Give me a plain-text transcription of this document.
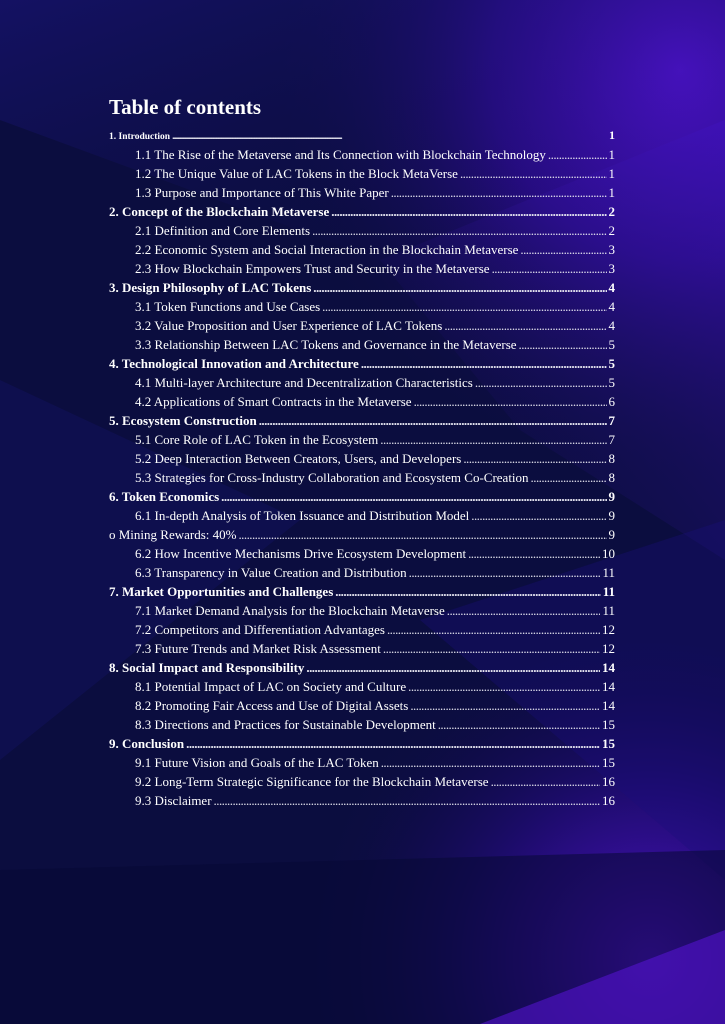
Table of contents
1. Introduction . . .	1
1.1 The Rise of the Metaverse and Its Connection with Blockchain Technology . . .	1
1.2 The Unique Value of LAC Tokens in the Block MetaVerse . . .	1
1.3 Purpose and Importance of This White Paper . . .	1
2. Concept of the Blockchain Metaverse . . .	2
2.1 Definition and Core Elements . . .	2
2.2 Economic System and Social Interaction in the Blockchain Metaverse . . .	3
2.3 How Blockchain Empowers Trust and Security in the Metaverse . . .	3
3. Design Philosophy of LAC Tokens . . .	4
3.1 Token Functions and Use Cases . . .	4
3.2 Value Proposition and User Experience of LAC Tokens . . .	4
3.3 Relationship Between LAC Tokens and Governance in the Metaverse . . .	5
4. Technological Innovation and Architecture . . .	5
4.1 Multi-layer Architecture and Decentralization Characteristics . . .	5
4.2 Applications of Smart Contracts in the Metaverse . . .	6
5. Ecosystem Construction . . .	7
5.1 Core Role of LAC Token in the Ecosystem . . .	7
5.2 Deep Interaction Between Creators, Users, and Developers . . .	8
5.3 Strategies for Cross-Industry Collaboration and Ecosystem Co-Creation . . .	8
6. Token Economics . . .	9
6.1 In-depth Analysis of Token Issuance and Distribution Model . . .	9
o Mining Rewards: 40% . . .	9
6.2 How Incentive Mechanisms Drive Ecosystem Development . . .	10
6.3 Transparency in Value Creation and Distribution . . .	11
7. Market Opportunities and Challenges . . .	11
7.1 Market Demand Analysis for the Blockchain Metaverse . . .	11
7.2 Competitors and Differentiation Advantages . . .	12
7.3 Future Trends and Market Risk Assessment . . .	12
8. Social Impact and Responsibility . . .	14
8.1 Potential Impact of LAC on Society and Culture . . .	14
8.2 Promoting Fair Access and Use of Digital Assets . . .	14
8.3 Directions and Practices for Sustainable Development . . .	15
9. Conclusion . . .	15
9.1 Future Vision and Goals of the LAC Token . . .	15
9.2 Long-Term Strategic Significance for the Blockchain Metaverse . . .	16
9.3 Disclaimer . . .	16
